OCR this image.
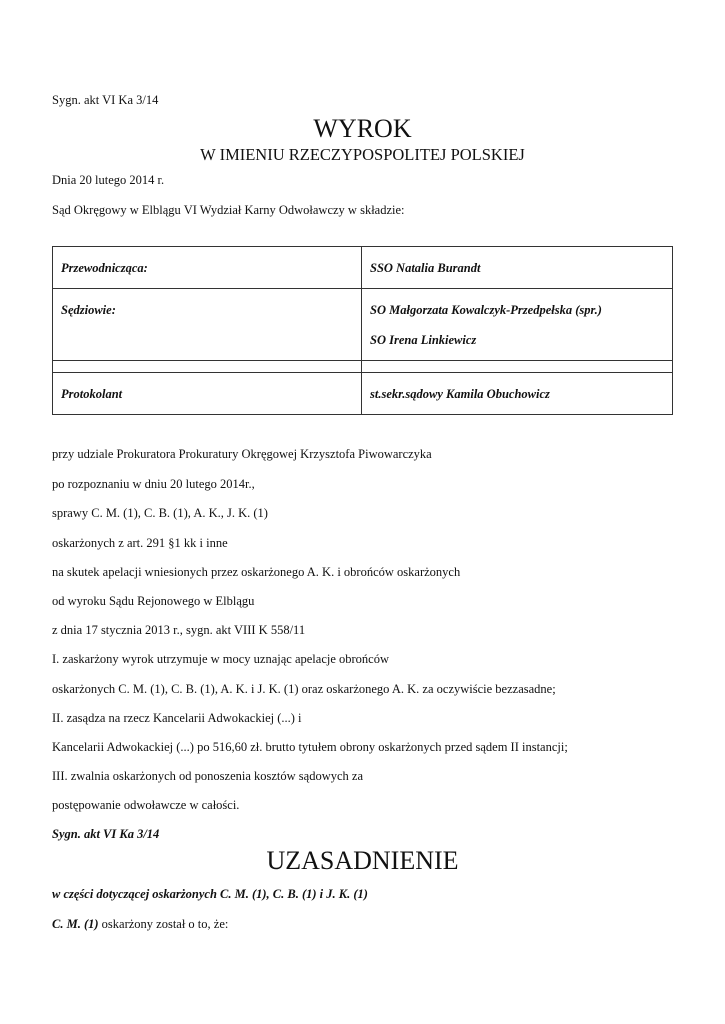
Sygn. akt VI Ka 3/14
WYROK
W IMIENIU RZECZYPOSPOLITEJ POLSKIEJ
Dnia 20 lutego 2014 r.
Sąd Okręgowy w Elblągu VI Wydział Karny Odwoławczy w składzie:
Przewodnicząca:	SSO Natalia Burandt

Sędziowie:	SO Małgorzata Kowalczyk-Przedpełska (spr.)
SO Irena Linkiewicz

Protokolant	st.sekr.sądowy Kamila Obuchowicz
przy udziale Prokuratora Prokuratury Okręgowej Krzysztofa Piwowarczyka
po rozpoznaniu w dniu 20 lutego 2014r.,
sprawy C. M. (1), C. B. (1), A. K., J. K. (1)
oskarżonych z art. 291 §1 kk i inne
na skutek apelacji wniesionych przez oskarżonego A. K. i obrońców oskarżonych
od wyroku Sądu Rejonowego w Elblągu
z dnia 17 stycznia 2013 r., sygn. akt VIII K 558/11
I. zaskarżony wyrok utrzymuje w mocy uznając apelacje obrońców
oskarżonych C. M. (1), C. B. (1), A. K. i J. K. (1) oraz oskarżonego A. K. za oczywiście bezzasadne;
II. zasądza na rzecz Kancelarii Adwokackiej (...) i
Kancelarii Adwokackiej (...) po 516,60 zł. brutto tytułem obrony oskarżonych przed sądem II instancji;
III. zwalnia oskarżonych od ponoszenia kosztów sądowych za
postępowanie odwoławcze w całości.
Sygn. akt VI Ka 3/14
UZASADNIENIE
w części dotyczącej oskarżonych C. M. (1), C. B. (1) i J. K. (1)
C. M. (1) oskarżony został o to, że:
